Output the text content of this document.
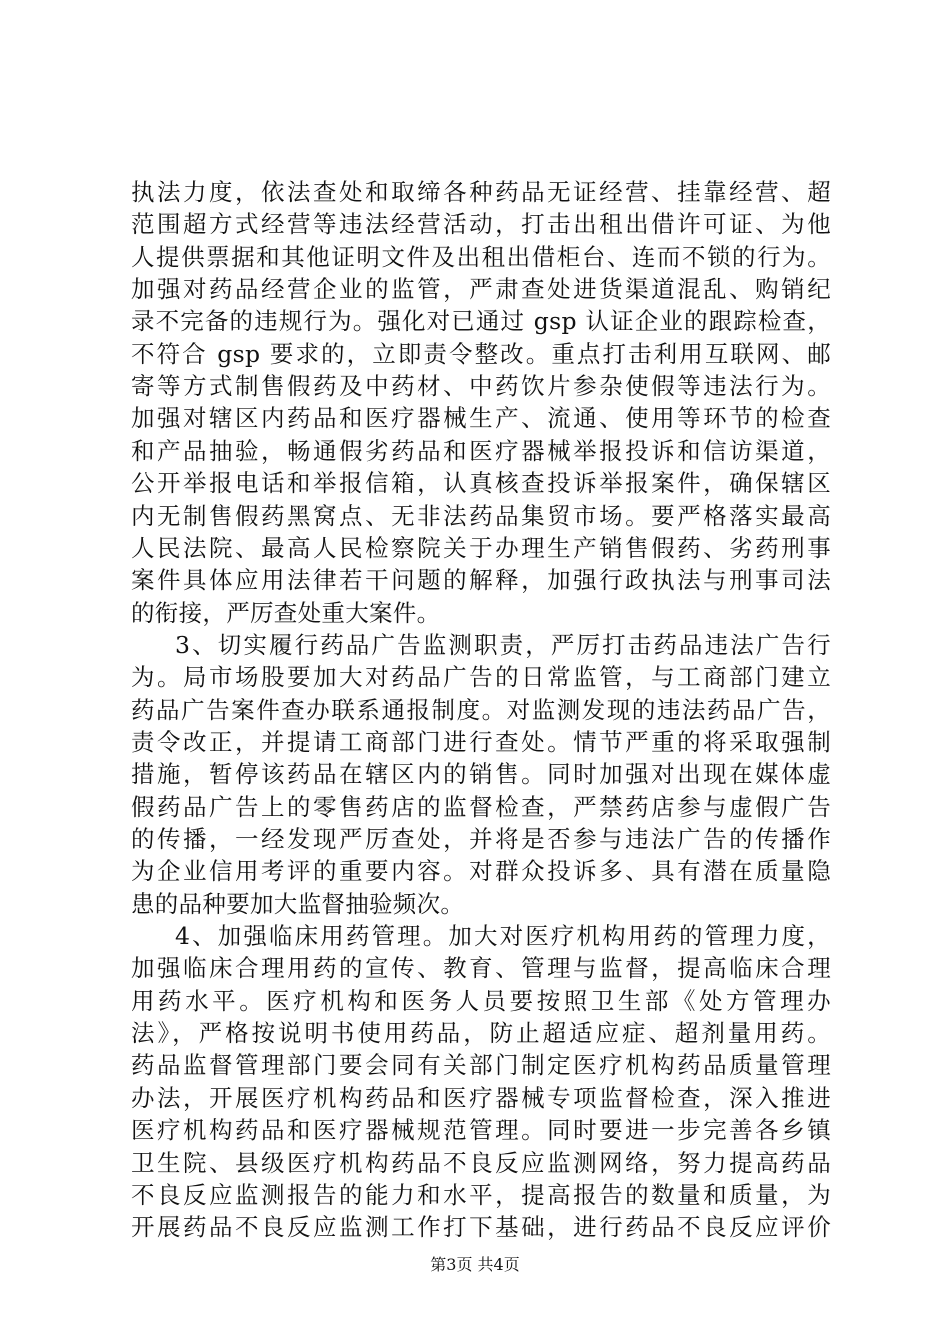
执法力度，依法查处和取缔各种药品无证经营、挂靠经营、超
范围超方式经营等违法经营活动，打击出租出借许可证、为他
人提供票据和其他证明文件及出租出借柜台、连而不锁的行为。
加强对药品经营企业的监管，严肃查处进货渠道混乱、购销纪
录不完备的违规行为。强化对已通过 gsp 认证企业的跟踪检查，
不符合 gsp 要求的，立即责令整改。重点打击利用互联网、邮
寄等方式制售假药及中药材、中药饮片参杂使假等违法行为。
加强对辖区内药品和医疗器械生产、流通、使用等环节的检查
和产品抽验，畅通假劣药品和医疗器械举报投诉和信访渠道，
公开举报电话和举报信箱，认真核查投诉举报案件，确保辖区
内无制售假药黑窝点、无非法药品集贸市场。要严格落实最高
人民法院、最高人民检察院关于办理生产销售假药、劣药刑事
案件具体应用法律若干问题的解释，加强行政执法与刑事司法
的衔接，严厉查处重大案件。
3、切实履行药品广告监测职责，严厉打击药品违法广告行
为。局市场股要加大对药品广告的日常监管，与工商部门建立
药品广告案件查办联系通报制度。对监测发现的违法药品广告，
责令改正，并提请工商部门进行查处。情节严重的将采取强制
措施，暂停该药品在辖区内的销售。同时加强对出现在媒体虚
假药品广告上的零售药店的监督检查，严禁药店参与虚假广告
的传播，一经发现严厉查处，并将是否参与违法广告的传播作
为企业信用考评的重要内容。对群众投诉多、具有潜在质量隐
患的品种要加大监督抽验频次。
4、加强临床用药管理。加大对医疗机构用药的管理力度，
加强临床合理用药的宣传、教育、管理与监督，提高临床合理
用药水平。医疗机构和医务人员要按照卫生部《处方管理办
法》，严格按说明书使用药品，防止超适应症、超剂量用药。
药品监督管理部门要会同有关部门制定医疗机构药品质量管理
办法，开展医疗机构药品和医疗器械专项监督检查，深入推进
医疗机构药品和医疗器械规范管理。同时要进一步完善各乡镇
卫生院、县级医疗机构药品不良反应监测网络，努力提高药品
不良反应监测报告的能力和水平，提高报告的数量和质量，为
开展药品不良反应监测工作打下基础，进行药品不良反应评价
第3页 共4页
